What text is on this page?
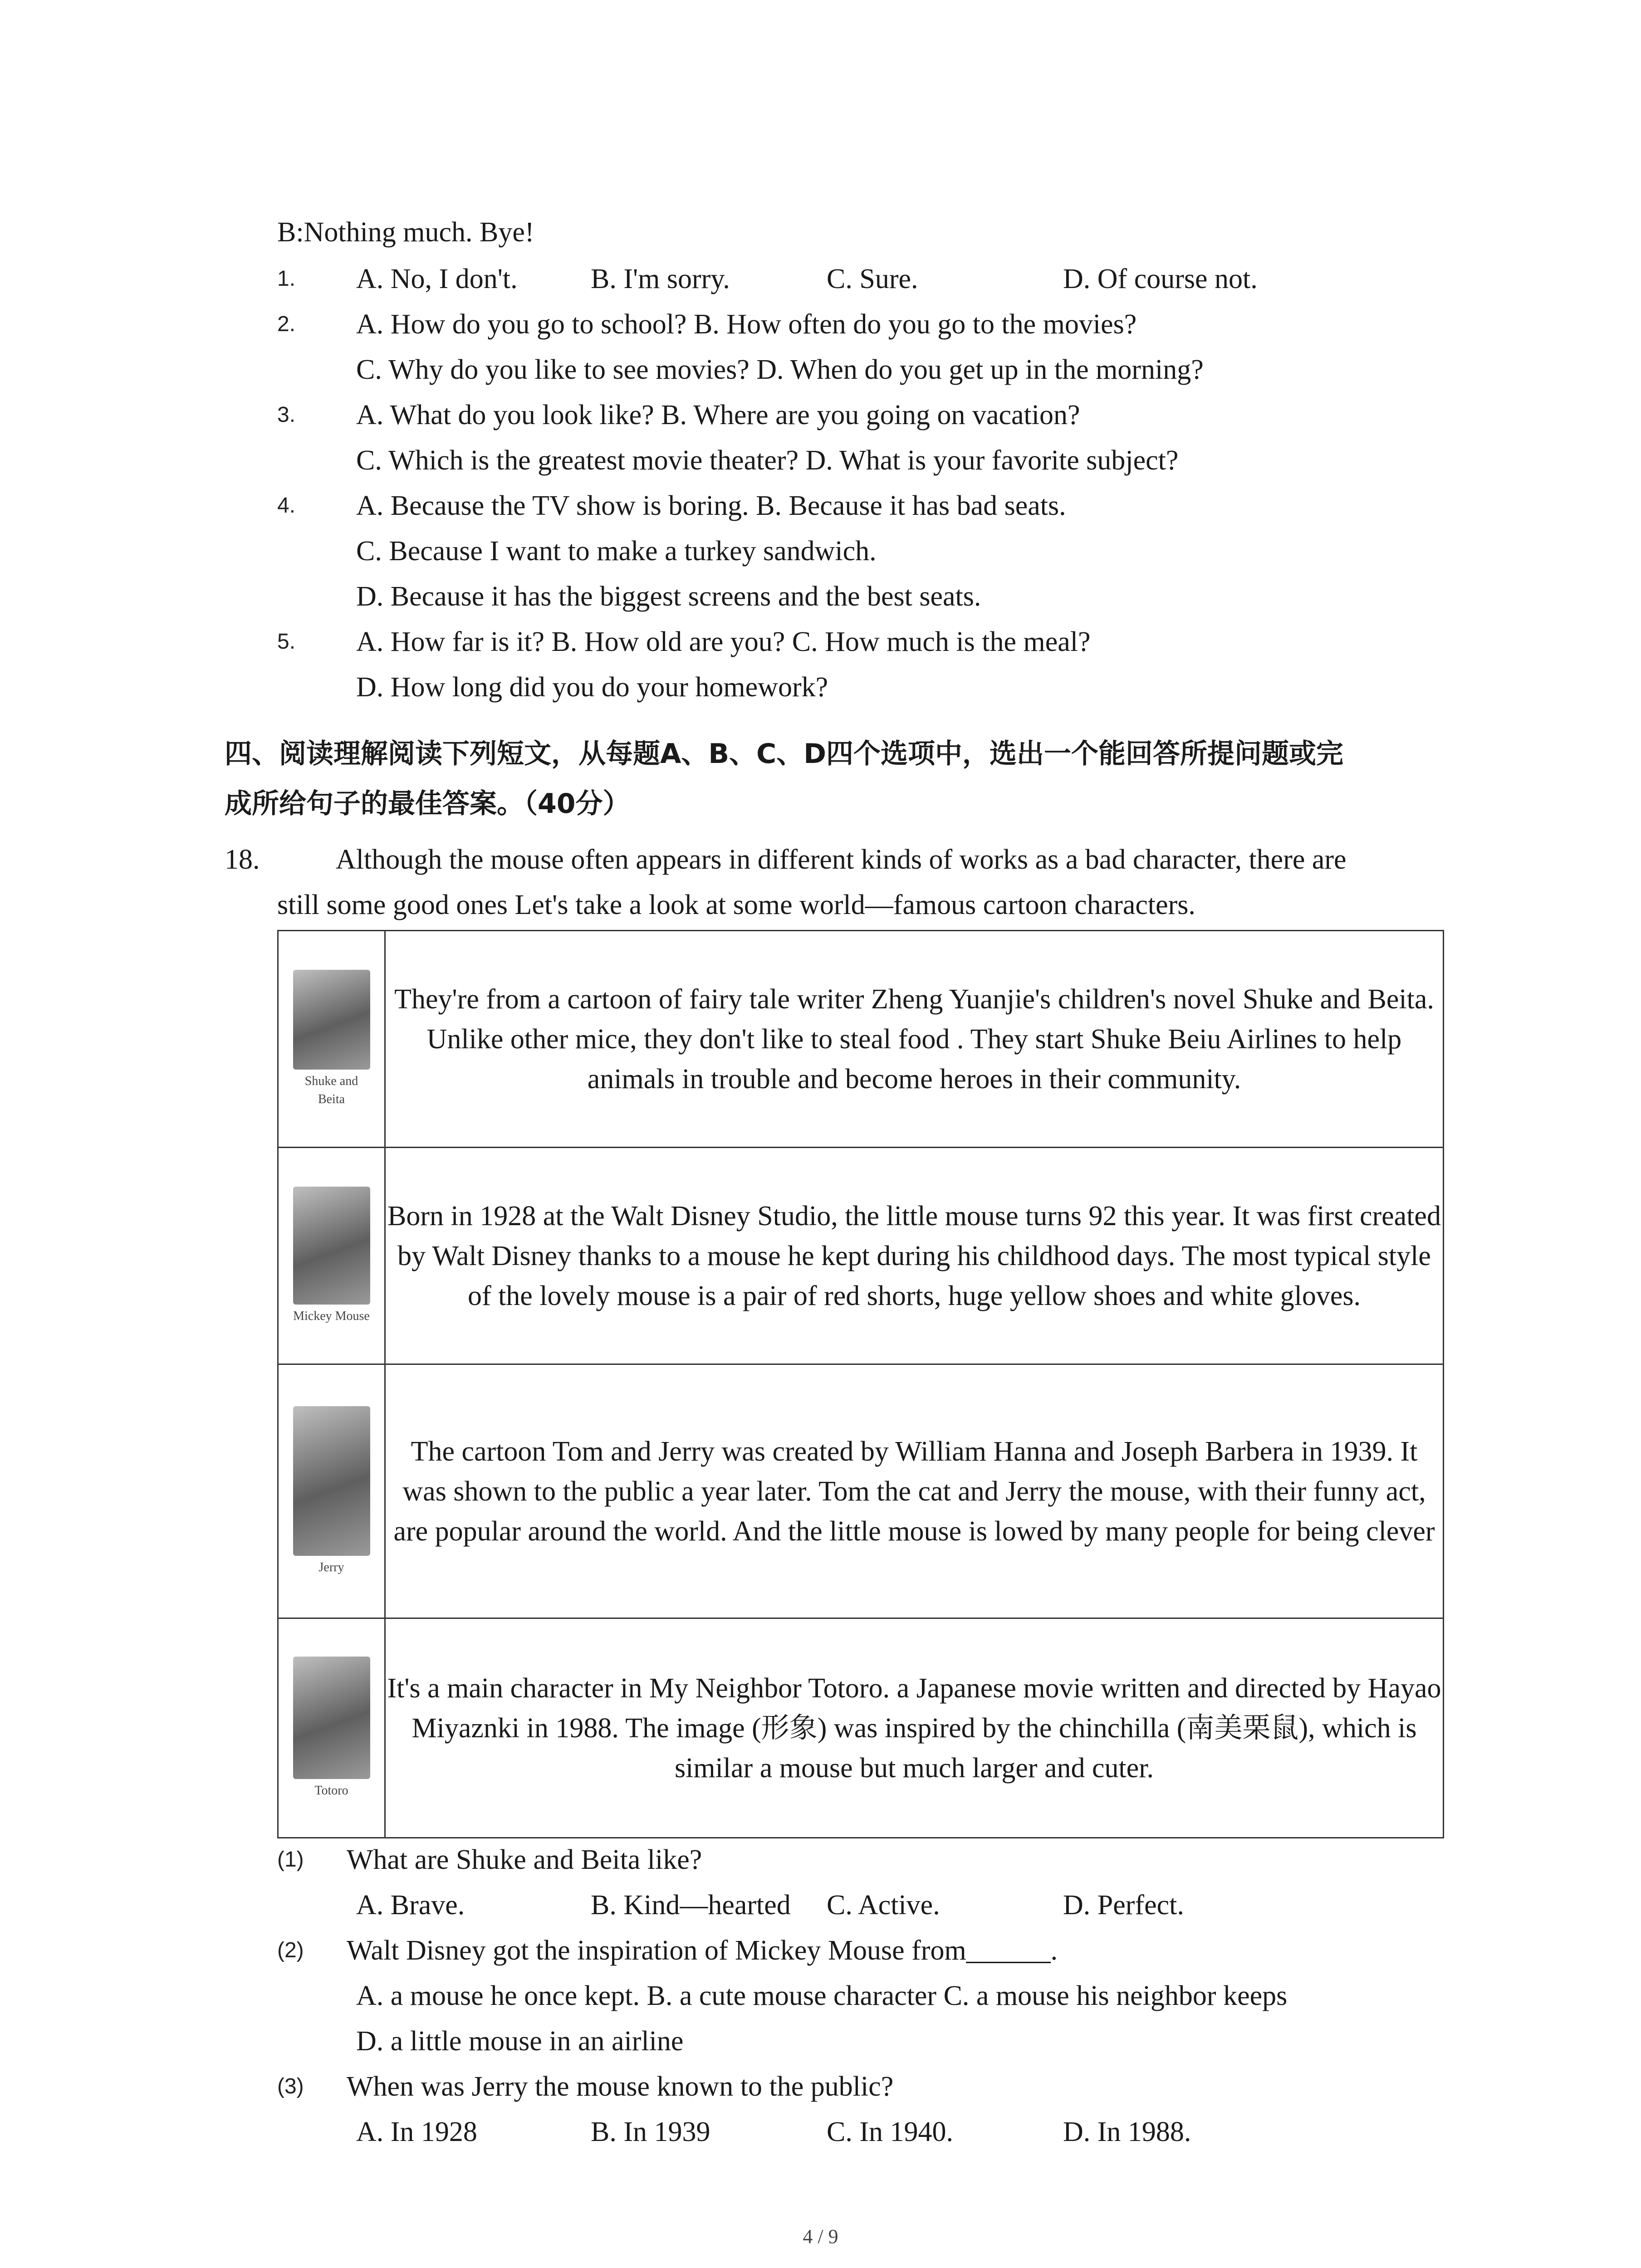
B:Nothing much. Bye!
1. A. No, I don't.	B. I'm sorry.	C. Sure.	D. Of course not.
2. A. How do you go to school? B. How often do you go to the movies?
C. Why do you like to see movies? D. When do you get up in the morning?
3. A. What do you look like? B. Where are you going on vacation?
C. Which is the greatest movie theater? D. What is your favorite subject?
4. A. Because the TV show is boring. B. Because it has bad seats.
C. Because I want to make a turkey sandwich.
D. Because it has the biggest screens and the best seats.
5. A. How far is it? B. How old are you? C. How much is the meal?
D. How long did you do your homework?
四、阅读理解阅读下列短文，从每题A、B、C、D四个选项中，选出一个能回答所提问题或完
成所给句子的最佳答案。（40分）
18.	Although the mouse often appears in different kinds of works as a bad character, there are
still some good ones Let's take a look at some world—famous cartoon characters.
Shuke and Beita	They're from a cartoon of fairy tale writer Zheng Yuanjie's children's novel Shuke and Beita. Unlike other mice, they don't like to steal food . They start Shuke Beiu Airlines to help animals in trouble and become heroes in their community.

Mickey Mouse	Born in 1928 at the Walt Disney Studio, the little mouse turns 92 this year. It was first created by Walt Disney thanks to a mouse he kept during his childhood days. The most typical style of the lovely mouse is a pair of red shorts, huge yellow shoes and white gloves.

Jerry	The cartoon Tom and Jerry was created by William Hanna and Joseph Barbera in 1939. It was shown to the public a year later. Tom the cat and Jerry the mouse, with their funny act, are popular around the world. And the little mouse is lowed by many people for being clever

Totoro	It's a main character in My Neighbor Totoro. a Japanese movie written and directed by Hayao Miyaznki in 1988. The image (形象) was inspired by the chinchilla (南美栗鼠), which is similar a mouse but much larger and cuter.
(1) What are Shuke and Beita like?
A. Brave.	B. Kind—hearted C. Active.	D. Perfect.
(2) Walt Disney got the inspiration of Mickey Mouse from______.
A. a mouse he once kept. B. a cute mouse character C. a mouse his neighbor keeps
D. a little mouse in an airline
(3) When was Jerry the mouse known to the public?
A. In 1928	B. In 1939	C. In 1940.	D. In 1988.
4 / 9
